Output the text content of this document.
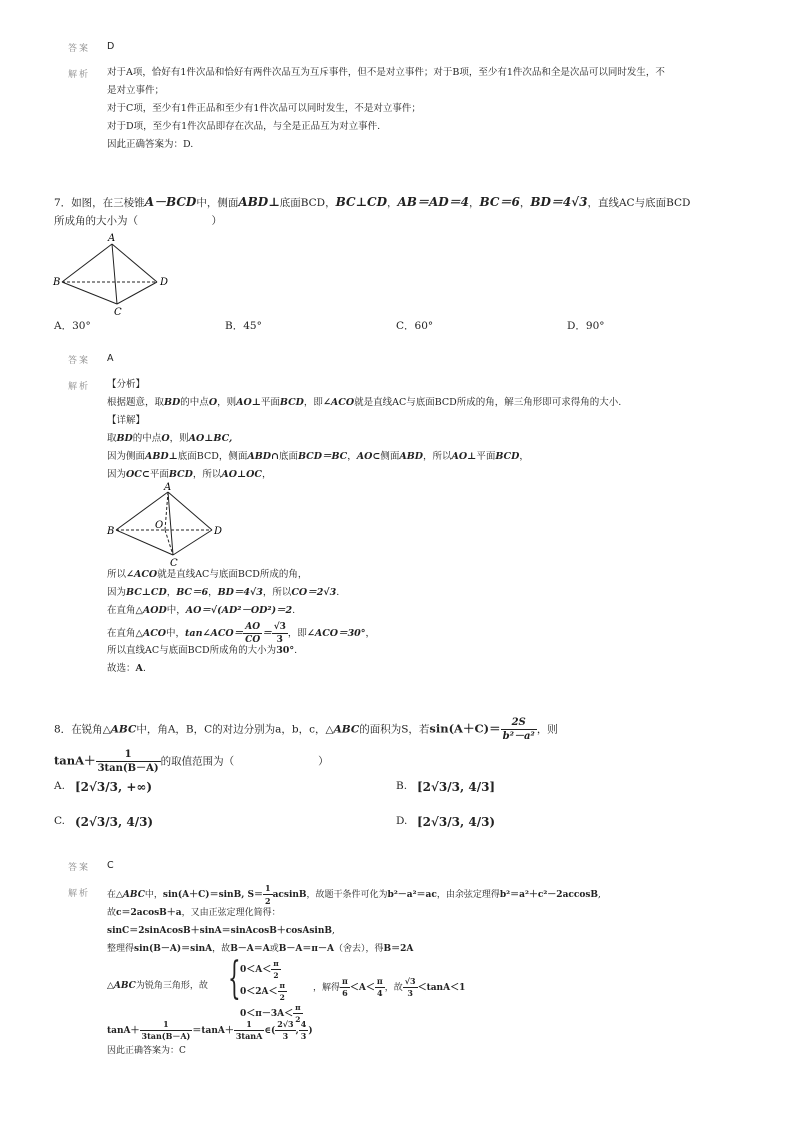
答案 D
解析 对于A项，恰好有1件次品和恰好有两件次品互为互斥事件，但不是对立事件；对于B项，至少有1件次品和全是次品可以同时发生，不
是对立事件；
对于C项，至少有1件正品和至少有1件次品可以同时发生，不是对立事件；
对于D项，至少有1件次品即存在次品，与全是正品互为对立事件.
因此正确答案为：D.
7．如图，在三棱锥A－BCD中，侧面ABD⊥底面BCD，BC⊥CD，AB＝AD＝4，BC＝6，BD＝4√3，直线AC与底面BCD
所成角的大小为（　　　　　　　）
A
B
C
D
A．30°	B．45°	C．60°	D．90°
答案 A
解析 【分析】
根据题意，取BD的中点O，则AO⊥平面BCD，即∠ACO就是直线AC与底面BCD所成的角，解三角形即可求得角的大小.
【详解】
取BD的中点O，则AO⊥BC,
因为侧面ABD⊥底面BCD，侧面ABD∩底面BCD＝BC，AO⊂侧面ABD，所以AO⊥平面BCD，
因为OC⊂平面BCD，所以AO⊥OC，
A
B
C
D
O
所以∠ACO就是直线AC与底面BCD所成的角，
因为BC⊥CD，BC＝6，BD＝4√3，所以CO＝2√3.
在直角△AOD中，AO＝√(AD²－OD²)＝2.
在直角△ACO中，tan∠ACO＝ $\frac{AO}{CO} = \frac{√3}{3}$ ，即∠ACO＝30°，
所以直线AC与底面BCD所成角的大小为30°.
故选：A.
8．在锐角△ABC中，角A，B，C的对边分别为a，b，c，△ABC的面积为S，若$\sin(A+C)= \frac{2S}{\text{b²－a²}}$ ，则
$\tan A+ \frac{1}{3\tan(B-A)}$ 的取值范围为（　　　　　　　　）
A. [2√3/3, +∞)	B. [2√3/3, 4/3]
C. (2√3/3, 4/3)	D. [2√3/3, 4/3)
答案 C
解析 在△ABC中，sin(A＋C)＝sinB, $S= \frac{1}{2}$ acsinB，故题干条件可化为b²－a²＝ac，由余弦定理得b²＝a²＋c²－2accosB,
故c＝2acosB＋a，又由正弦定理化简得：
sinC＝2sinAcosB＋sinA＝sinAcosB＋cosAsinB,
整理得sin(B－A)＝sinA，故B－A＝A或B－A＝π－A（舍去），得B＝2A
△ABC为锐角三角形，故 { $0<A< \frac{\pi}{2}$
$0<2A< \frac{\pi}{2}$
$0<\pi-3A< \frac{\pi}{2}$
，解得 $\frac{\pi}{6} <A< \frac{\pi}{4}$ ，故 $\frac{√3}{3} <\tan A<1$
$\tan A+ \frac{1}{3\tan(B-A)} =\tan A+ \frac{1}{3\tan A}$ ∈( $\frac{2√3}{3}$ , $\frac{4}{3}$ )
因此正确答案为：C
